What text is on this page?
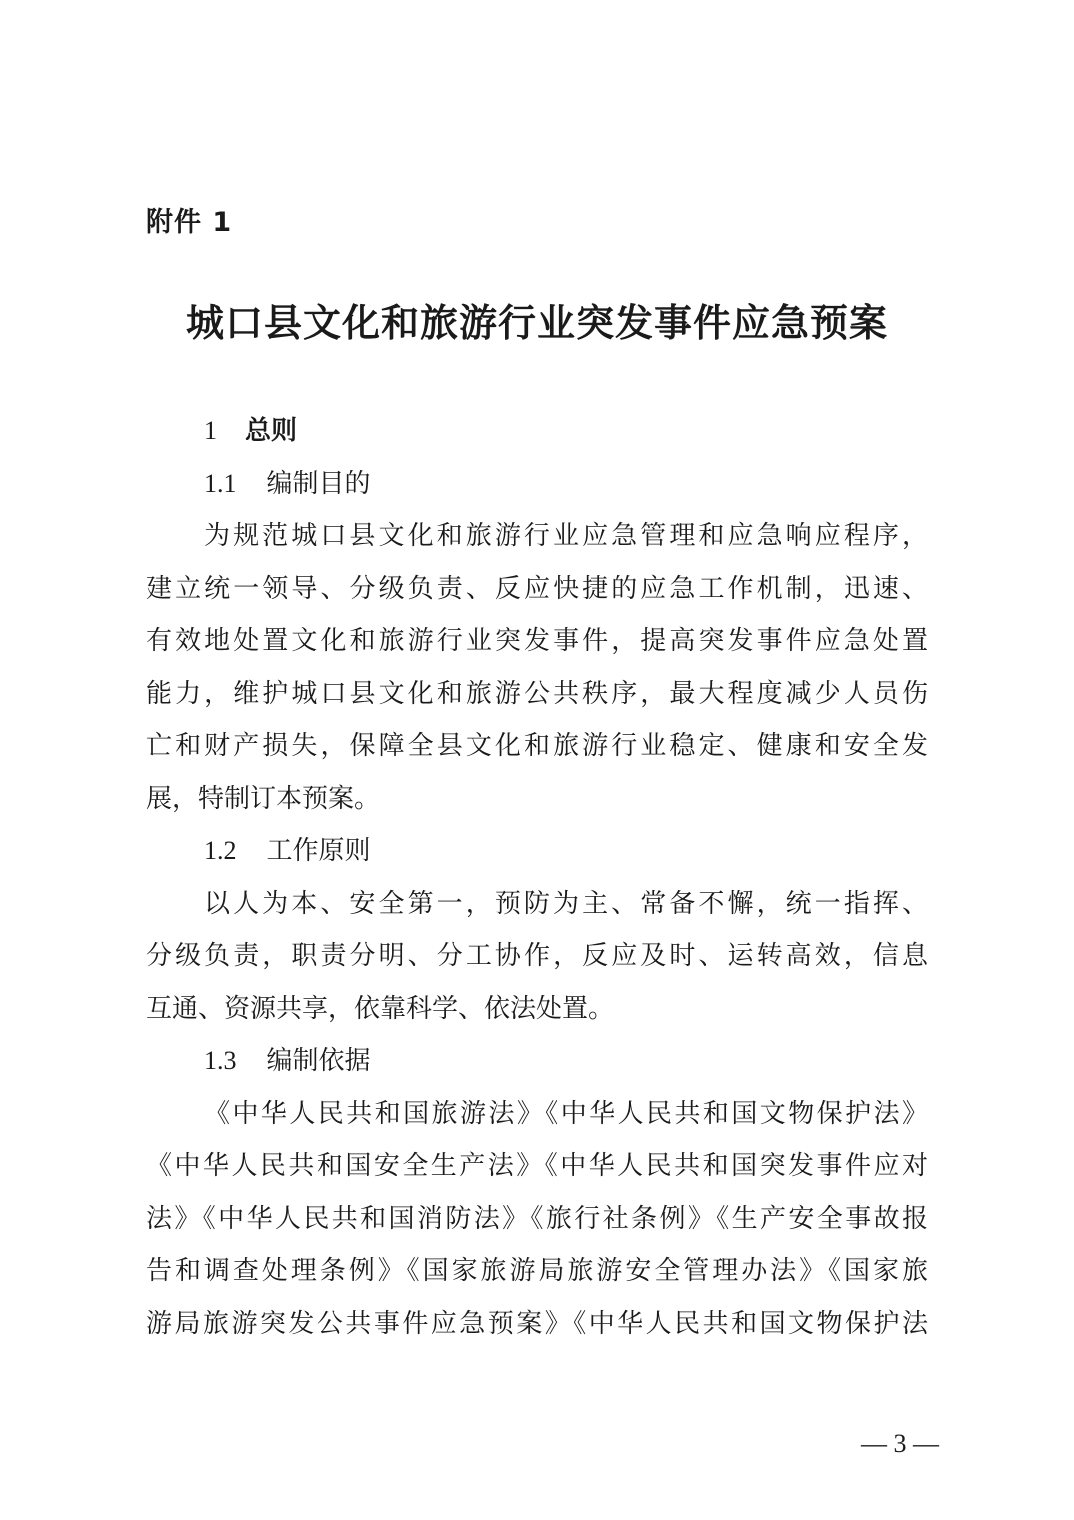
附件 1
城口县文化和旅游行业突发事件应急预案
1 总则
1.1 编制目的
为规范城口县文化和旅游行业应急管理和应急响应程序，
建立统一领导、分级负责、反应快捷的应急工作机制，迅速、
有效地处置文化和旅游行业突发事件，提高突发事件应急处置
能力，维护城口县文化和旅游公共秩序，最大程度减少人员伤
亡和财产损失，保障全县文化和旅游行业稳定、健康和安全发
展，特制订本预案。
1.2 工作原则
以人为本、安全第一，预防为主、常备不懈，统一指挥、
分级负责，职责分明、分工协作，反应及时、运转高效，信息
互通、资源共享，依靠科学、依法处置。
1.3 编制依据
《中华人民共和国旅游法》《中华人民共和国文物保护法》
《中华人民共和国安全生产法》《中华人民共和国突发事件应对
法》《中华人民共和国消防法》《旅行社条例》《生产安全事故报
告和调查处理条例》《国家旅游局旅游安全管理办法》《国家旅
游局旅游突发公共事件应急预案》《中华人民共和国文物保护法
— 3 —
